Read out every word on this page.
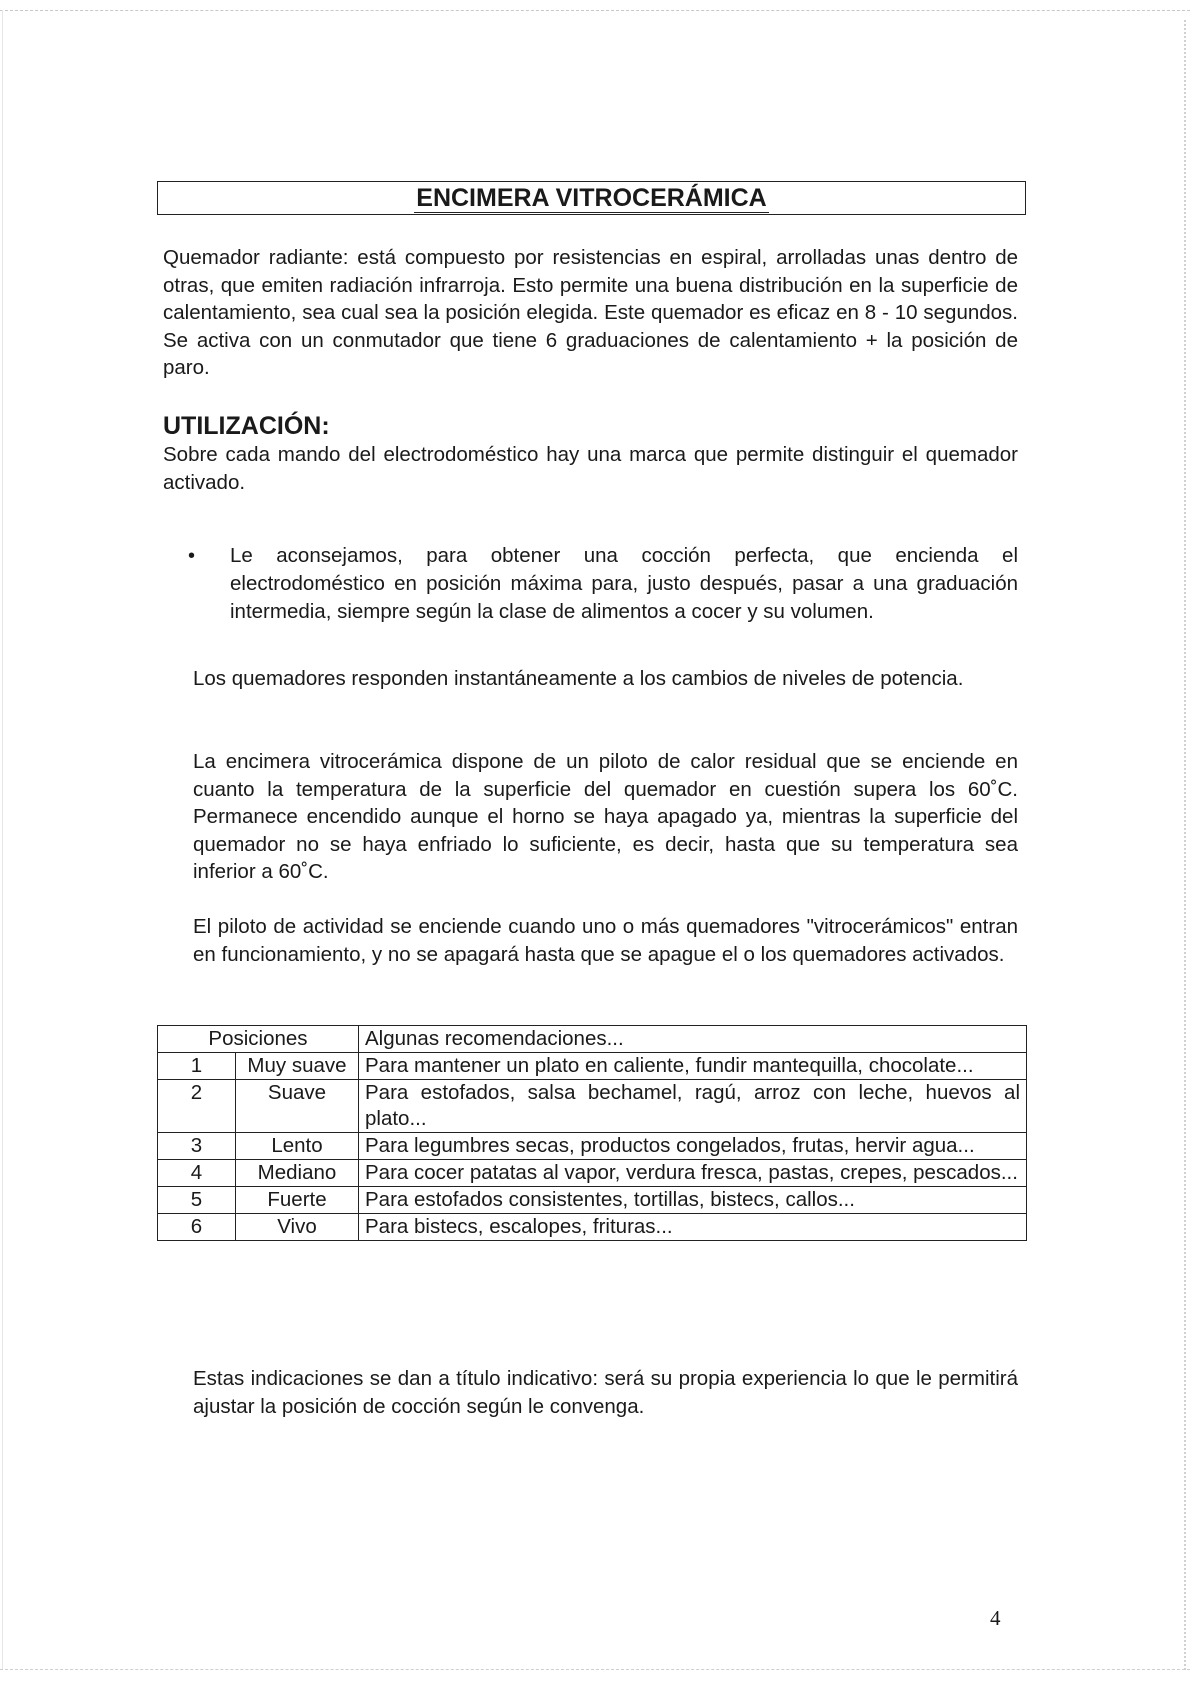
ENCIMERA VITROCERÁMICA

Quemador radiante: está compuesto por resistencias en espiral, arrolladas unas dentro de otras, que emiten radiación infrarroja. Esto permite una buena distribución en la superficie de calentamiento, sea cual sea la posición elegida. Este quemador es eficaz en 8 - 10 segundos. Se activa con un conmutador que tiene 6 graduaciones de calentamiento + la posición de paro.

UTILIZACIÓN:

Sobre cada mando del electrodoméstico hay una marca que permite distinguir el quemador activado.

• Le aconsejamos, para obtener una cocción perfecta, que encienda el electrodoméstico en posición máxima para, justo después, pasar a una graduación intermedia, siempre según la clase de alimentos a cocer y su volumen.

Los quemadores responden instantáneamente a los cambios de niveles de potencia.

La encimera vitrocerámica dispone de un piloto de calor residual que se enciende en cuanto la temperatura de la superficie del quemador en cuestión supera los 60˚C. Permanece encendido aunque el horno se haya apagado ya, mientras la superficie del quemador no se haya enfriado lo suficiente, es decir, hasta que su temperatura sea inferior a 60˚C.

El piloto de actividad se enciende cuando uno o más quemadores "vitrocerámicos" entran en funcionamiento, y no se apagará hasta que se apague el o los quemadores activados.

Posiciones		Algunas recomendaciones...
1	Muy suave	Para mantener un plato en caliente, fundir mantequilla, chocolate...
2	Suave	Para estofados, salsa bechamel, ragú, arroz con leche, huevos al plato...
3	Lento	Para legumbres secas, productos congelados, frutas, hervir agua...
4	Mediano	Para cocer patatas al vapor, verdura fresca, pastas, crepes, pescados...
5	Fuerte	Para estofados consistentes, tortillas, bistecs, callos...
6	Vivo	Para bistecs, escalopes, frituras...

Estas indicaciones se dan a título indicativo: será su propia experiencia lo que le permitirá ajustar la posición de cocción según le convenga.

4
